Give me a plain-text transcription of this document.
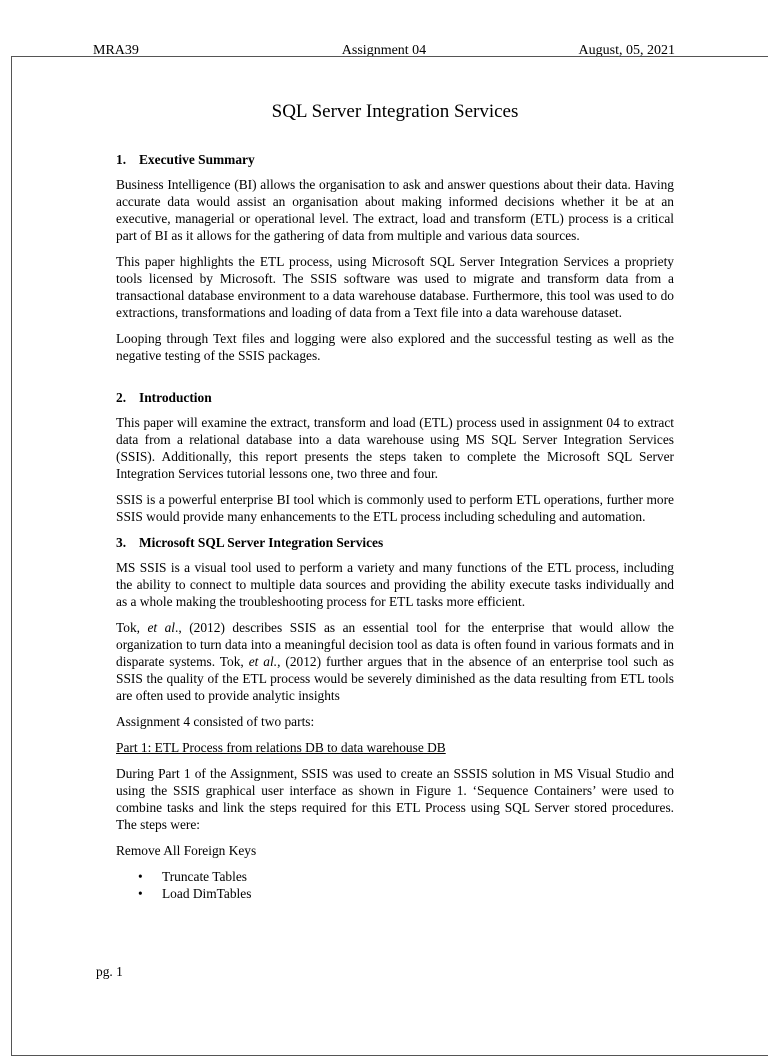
MRA39	Assignment 04	August, 05, 2021
SQL Server Integration Services
1. Executive Summary

Business Intelligence (BI) allows the organisation to ask and answer questions about their data. Having accurate data would assist an organisation about making informed decisions whether it be at an executive, managerial or operational level. The extract, load and transform (ETL) process is a critical part of BI as it allows for the gathering of data from multiple and various data sources.

This paper highlights the ETL process, using Microsoft SQL Server Integration Services a propriety tools licensed by Microsoft. The SSIS software was used to migrate and transform data from a transactional database environment to a data warehouse database. Furthermore, this tool was used to do extractions, transformations and loading of data from a Text file into a data warehouse dataset.

Looping through Text files and logging were also explored and the successful testing as well as the negative testing of the SSIS packages.

2. Introduction

This paper will examine the extract, transform and load (ETL) process used in assignment 04 to extract data from a relational database into a data warehouse using MS SQL Server Integration Services (SSIS). Additionally, this report presents the steps taken to complete the Microsoft SQL Server Integration Services tutorial lessons one, two three and four.

SSIS is a powerful enterprise BI tool which is commonly used to perform ETL operations, further more SSIS would provide many enhancements to the ETL process including scheduling and automation.

3. Microsoft SQL Server Integration Services

MS SSIS is a visual tool used to perform a variety and many functions of the ETL process, including the ability to connect to multiple data sources and providing the ability execute tasks individually and as a whole making the troubleshooting process for ETL tasks more efficient.

Tok, et al., (2012) describes SSIS as an essential tool for the enterprise that would allow the organization to turn data into a meaningful decision tool as data is often found in various formats and in disparate systems. Tok, et al., (2012) further argues that in the absence of an enterprise tool such as SSIS the quality of the ETL process would be severely diminished as the data resulting from ETL tools are often used to provide analytic insights

Assignment 4 consisted of two parts:

Part 1: ETL Process from relations DB to data warehouse DB

During Part 1 of the Assignment, SSIS was used to create an SSSIS solution in MS Visual Studio and using the SSIS graphical user interface as shown in Figure 1. ‘Sequence Containers’ were used to combine tasks and link the steps required for this ETL Process using SQL Server stored procedures. The steps were:

Remove All Foreign Keys

• Truncate Tables
• Load DimTables
pg. 1
